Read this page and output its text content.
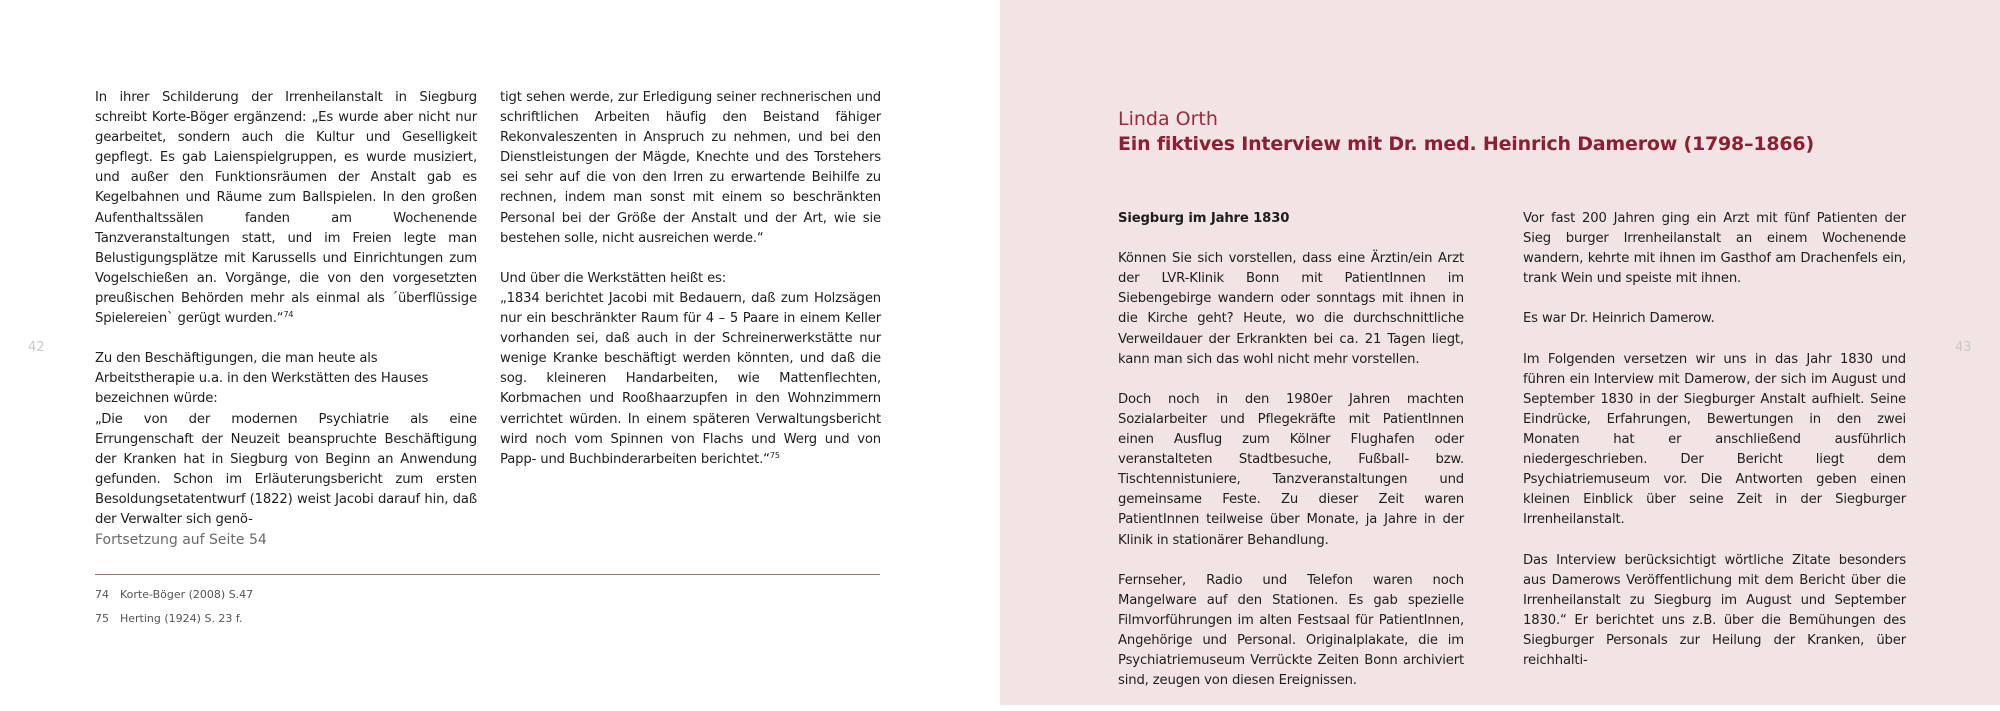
In ihrer Schilderung der Irrenheilanstalt in Siegburg schreibt Korte-Böger ergänzend: „Es wurde aber nicht nur gearbeitet, sondern auch die Kultur und Geselligkeit gepflegt. Es gab Laienspielgruppen, es wurde musiziert, und außer den Funktionsräumen der Anstalt gab es Kegelbahnen und Räume zum Ballspielen. In den großen Aufenthaltssälen fanden am Wochenende Tanzveranstaltungen statt, und im Freien legte man Belustigungsplätze mit Karussells und Einrichtungen zum Vogelschießen an. Vorgänge, die von den vorgesetzten preußischen Behörden mehr als einmal als ´überflüssige Spielereien` gerügt wurden.“$^{74}$

Zu den Beschäftigungen, die man heute als Arbeitstherapie u.a. in den Werkstätten des Hauses bezeichnen würde:

„Die von der modernen Psychiatrie als eine Errungenschaft der Neuzeit beanspruchte Beschäftigung der Kranken hat in Siegburg von Beginn an Anwendung gefunden. Schon im Erläuterungsbericht zum ersten Besoldungsetatentwurf (1822) weist Jacobi darauf hin, daß der Verwalter sich genö-

tigt sehen werde, zur Erledigung seiner rechnerischen und schriftlichen Arbeiten häufig den Beistand fähiger Rekonvaleszenten in Anspruch zu nehmen, und bei den Dienstleistungen der Mägde, Knechte und des Torstehers sei sehr auf die von den Irren zu erwartende Beihilfe zu rechnen, indem man sonst mit einem so beschränkten Personal bei der Größe der Anstalt und der Art, wie sie bestehen solle, nicht ausreichen werde.“

Und über die Werkstätten heißt es:

„1834 berichtet Jacobi mit Bedauern, daß zum Holzsägen nur ein beschränkter Raum für 4 – 5 Paare in einem Keller vorhanden sei, daß auch in der Schreinerwerkstätte nur wenige Kranke beschäftigt werden könnten, und daß die sog. kleineren Handarbeiten, wie Mattenflechten, Korbmachen und Rooßhaarzupfen in den Wohnzimmern verrichtet würden. In einem späteren Verwaltungsbericht wird noch vom Spinnen von Flachs und Werg und von Papp- und Buchbinderarbeiten berichtet.“$^{75}$

42
Fortsetzung auf Seite 54
74 Korte-Böger (2008) S.47
75 Herting (1924) S. 23 f.
Linda Orth
Ein fiktives Interview mit Dr. med. Heinrich Damerow (1798–1866)

Siegburg im Jahre 1830

Können Sie sich vorstellen, dass eine Ärztin/ein Arzt der LVR-Klinik Bonn mit PatientInnen im Siebengebirge wandern oder sonntags mit ihnen in die Kirche geht? Heute, wo die durchschnittliche Verweildauer der Erkrankten bei ca. 21 Tagen liegt, kann man sich das wohl nicht mehr vorstellen.

Doch noch in den 1980er Jahren machten Sozialarbeiter und Pflegekräfte mit PatientInnen einen Ausflug zum Kölner Flughafen oder veranstalteten Stadtbesuche, Fußball- bzw. Tischtennistuniere, Tanzveranstaltungen und gemeinsame Feste. Zu dieser Zeit waren PatientInnen teilweise über Monate, ja Jahre in der Klinik in stationärer Behandlung.

Fernseher, Radio und Telefon waren noch Mangelware auf den Stationen. Es gab spezielle Filmvorführungen im alten Festsaal für PatientInnen, Angehörige und Personal. Originalplakate, die im Psychiatriemuseum Verrückte Zeiten Bonn archiviert sind, zeugen von diesen Ereignissen.

Vor fast 200 Jahren ging ein Arzt mit fünf Patienten der Sieg burger Irrenheilanstalt an einem Wochenende wandern, kehrte mit ihnen im Gasthof am Drachenfels ein, trank Wein und speiste mit ihnen.

Es war Dr. Heinrich Damerow.

Im Folgenden versetzen wir uns in das Jahr 1830 und führen ein Interview mit Damerow, der sich im August und September 1830 in der Siegburger Anstalt aufhielt. Seine Eindrücke, Erfahrungen, Bewertungen in den zwei Monaten hat er anschließend ausführlich niedergeschrieben. Der Bericht liegt dem Psychiatriemuseum vor. Die Antworten geben einen kleinen Einblick über seine Zeit in der Siegburger Irrenheilanstalt.

Das Interview berücksichtigt wörtliche Zitate besonders aus Damerows Veröffentlichung mit dem Bericht über die Irrenheilanstalt zu Siegburg im August und September 1830.“ Er berichtet uns z.B. über die Bemühungen des Siegburger Personals zur Heilung der Kranken, über reichhalti-

43
